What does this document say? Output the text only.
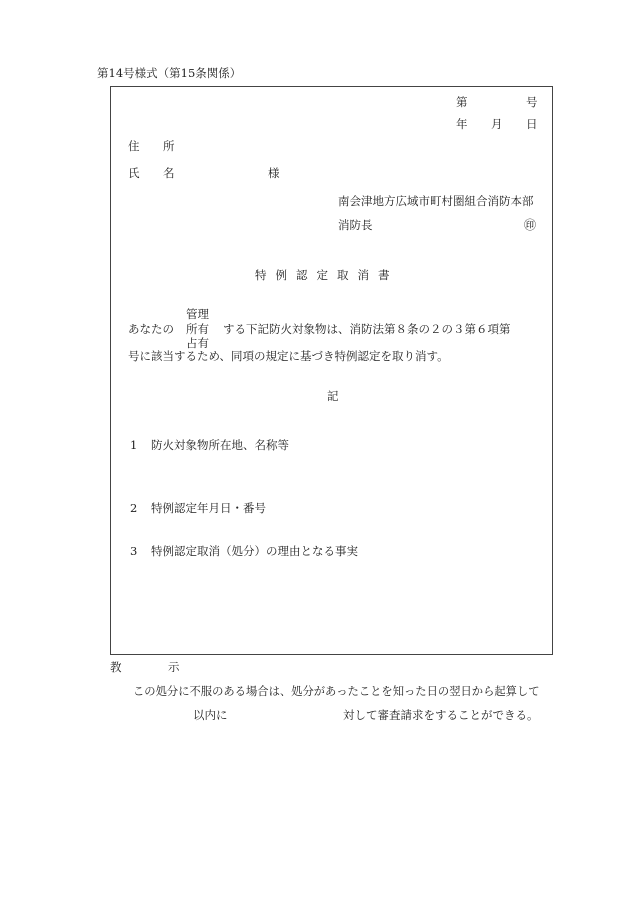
第14号様式（第15条関係）
第	号
年 月 日
住 所
氏 名	様
南会津地方広域市町村圏組合消防本部
消防長	㊞
特例認定取消書
管理
あなたの 所有 する下記防火対象物は、消防法第８条の２の３第６項第
占有
号に該当するため、同項の規定に基づき特例認定を取り消す。
記
1 防火対象物所在地、名称等
2 特例認定年月日・番号
3 特例認定取消（処分）の理由となる事実
教	示
この処分に不服のある場合は、処分があったことを知った日の翌日から起算して
以内に	対して審査請求をすることができる。
